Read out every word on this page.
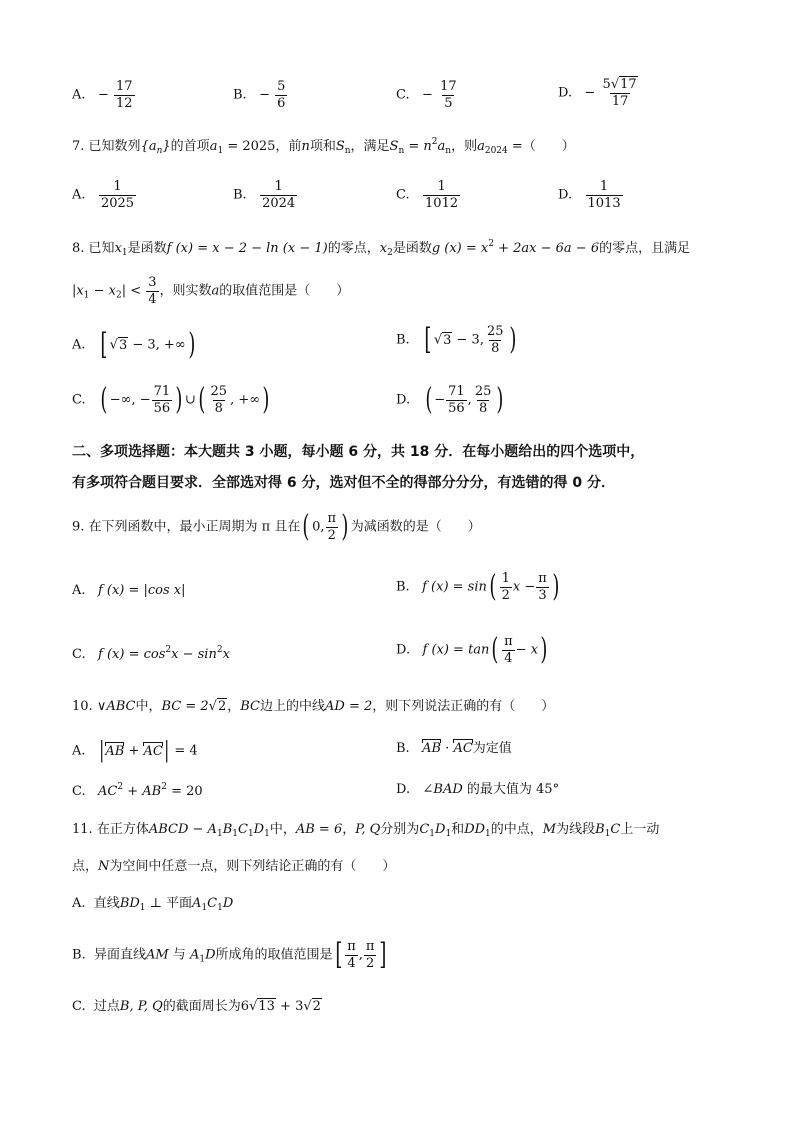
A. − $\frac{17}{12}$	B. − $\frac{5}{6}$	C. − $\frac{17}{5}$	D. − $\frac{5√17}{17}$
7. 已知数列$\{a_n\}$的首项$a_1 = 2025$，前n项和$S_n$，满足$S_n = n^2a_n$，则$a_{2024}$ =（　　）
A. $\frac{1}{2025}$	B. $\frac{1}{2024}$	C. $\frac{1}{1012}$	D. $\frac{1}{1013}$
8. 已知$x_1$是函数f (x) = x − 2 − ln (x − 1)的零点，$x_2$是函数g $(x) = x^2 + 2ax - 6a - 6$的零点，且满足
$|x_1 - x_2| < \frac{3}{4}$ ，则实数a的取值范围是（　　）
A. [ √3 − 3, +∞)	B. [ √3 − 3, $\frac{25}{8}$ )
C. ( −∞, − $\frac{71}{56}$ ) ∪( $\frac{25}{8}$ , +∞)	D. ( − $\frac{71}{56}$ , $\frac{25}{8}$ )
二、多项选择题：本大题共 3 小题，每小题 6 分，共 18 分．在每小题给出的四个选项中，
有多项符合题目要求．全部选对得 6 分，选对但不全的得部分分分，有选错的得 0 分．
9. 在下列函数中，最小正周期为 π 且在( 0, $\frac{\pi}{2}$ ) 为减函数的是（　　）
A. f (x) = |cos x|	B. f $(x) = \sin( \frac{1}{2}$ $x - \frac{\pi}{3}$ )
C. f $(x) = \cos^2x - \sin^2x$	D. f $(x) = \tan( \frac{\pi}{4} - x)$
10. ∨ABC中，BC = 2√2，BC边上的中线AD = 2，则下列说法正确的有（　　）
A. |AB + AC| = 4	B. AB · AC为定值
C. $AC^2 + AB^2 = 20$	D. ∠BAD 的最大值为 45°
11. 在正方体ABCD − $A_1B_1C_1D_1$中，AB = 6，P, Q分别为$C_1D_1$和$DD_1$的中点，M为线段$B_1C$上一动
点，N为空间中任意一点，则下列结论正确的有（　　）
A. 直线$BD_1$ ⊥ 平面$A_1C_1D$
B. 异面直线AM 与 $A_1D$所成角的取值范围是[ $\frac{\pi}{4}$ , $\frac{\pi}{2}$ ]
C. 过点B, P, Q的截面周长为6√13 + 3√2
